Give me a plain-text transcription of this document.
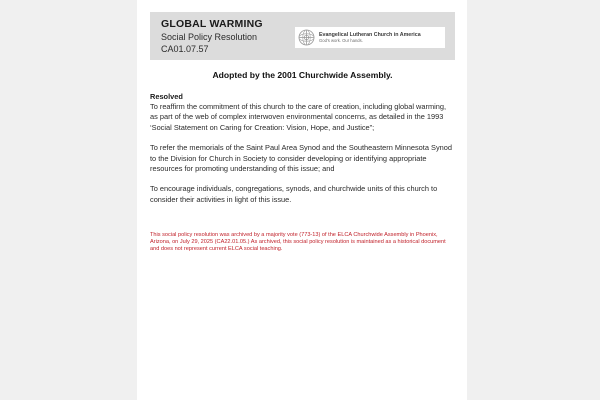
GLOBAL WARMING
Social Policy Resolution
CA01.07.57
Evangelical Lutheran Church in America
God's work. Our hands.
Adopted by the 2001 Churchwide Assembly.
Resolved
To reaffirm the commitment of this church to the care of creation, including global warming, as part of the web of complex interwoven environmental concerns, as detailed in the 1993 ‘Social Statement on Caring for Creation: Vision, Hope, and Justice”;
To refer the memorials of the Saint Paul Area Synod and the Southeastern Minnesota Synod to the Division for Church in Society to consider developing or identifying appropriate resources for promoting understanding of this issue; and
To encourage individuals, congregations, synods, and churchwide units of this church to consider their activities in light of this issue.
This social policy resolution was archived by a majority vote (773-13) of the ELCA Churchwide Assembly in Phoenix, Arizona, on July 29, 2025 (CA22.01.05.) As archived, this social policy resolution is maintained as a historical document and does not represent current ELCA social teaching.
